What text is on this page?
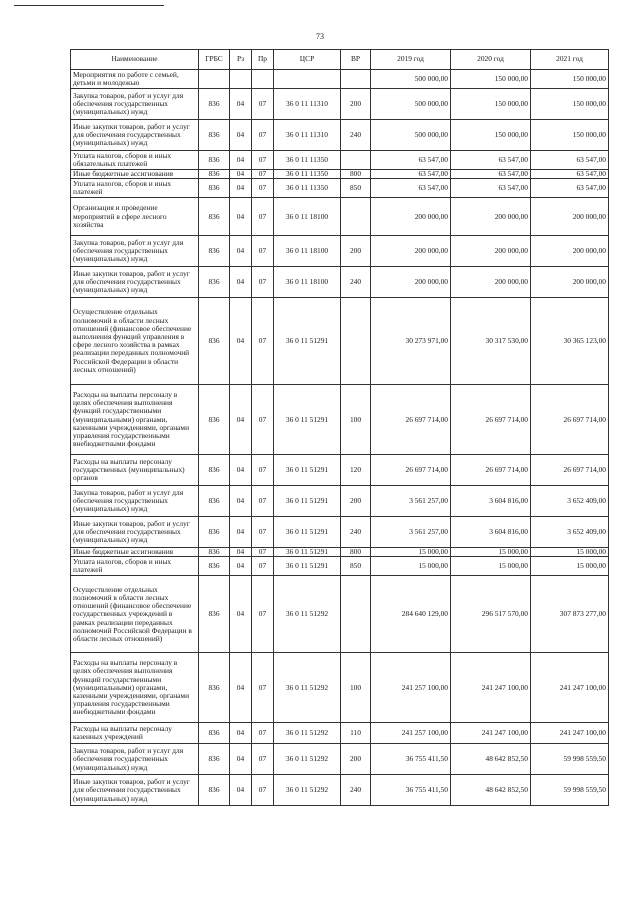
73
Наименование	ГРБС	Рз	Пр	ЦСР	ВР	2019 год	2020 год	2021 год
Мероприятия по работе с семьей, детьми и молодежью						500 000,00	150 000,00	150 000,00
Закупка товаров, работ и услуг для обеспечения государственных (муниципальных) нужд	836	04	07	36 0 11 11310	200	500 000,00	150 000,00	150 000,00
Иные закупки товаров, работ и услуг для обеспечения государственных (муниципальных) нужд	836	04	07	36 0 11 11310	240	500 000,00	150 000,00	150 000,00
Уплата налогов, сборов и иных обязательных платежей	836	04	07	36 0 11 11350		63 547,00	63 547,00	63 547,00
Иные бюджетные ассигнования	836	04	07	36 0 11 11350	800	63 547,00	63 547,00	63 547,00
Уплата налогов, сборов и иных платежей	836	04	07	36 0 11 11350	850	63 547,00	63 547,00	63 547,00
Организация и проведение мероприятий в сфере лесного хозяйства	836	04	07	36 0 11 18100		200 000,00	200 000,00	200 000,00
Закупка товаров, работ и услуг для обеспечения государственных (муниципальных) нужд	836	04	07	36 0 11 18100	200	200 000,00	200 000,00	200 000,00
Иные закупки товаров, работ и услуг для обеспечения государственных (муниципальных) нужд	836	04	07	36 0 11 18100	240	200 000,00	200 000,00	200 000,00
Осуществление отдельных полномочий в области лесных отношений (финансовое обеспечение выполнения функций управления в сфере лесного хозяйства в рамках реализации переданных полномочий Российской Федерации в области лесных отношений)	836	04	07	36 0 11 51291		30 273 971,00	30 317 530,00	30 365 123,00
Расходы на выплаты персоналу в целях обеспечения выполнения функций государственными (муниципальными) органами, казенными учреждениями, органами управления государственными внебюджетными фондами	836	04	07	36 0 11 51291	100	26 697 714,00	26 697 714,00	26 697 714,00
Расходы на выплаты персоналу государственных (муниципальных) органов	836	04	07	36 0 11 51291	120	26 697 714,00	26 697 714,00	26 697 714,00
Закупка товаров, работ и услуг для обеспечения государственных (муниципальных) нужд	836	04	07	36 0 11 51291	200	3 561 257,00	3 604 816,00	3 652 409,00
Иные закупки товаров, работ и услуг для обеспечения государственных (муниципальных) нужд	836	04	07	36 0 11 51291	240	3 561 257,00	3 604 816,00	3 652 409,00
Иные бюджетные ассигнования	836	04	07	36 0 11 51291	800	15 000,00	15 000,00	15 000,00
Уплата налогов, сборов и иных платежей	836	04	07	36 0 11 51291	850	15 000,00	15 000,00	15 000,00
Осуществление отдельных полномочий в области лесных отношений (финансовое обеспечение государственных учреждений в рамках реализации переданных полномочий Российской Федерации в области лесных отношений)	836	04	07	36 0 11 51292		284 640 129,00	296 517 570,00	307 873 277,00
Расходы на выплаты персоналу в целях обеспечения выполнения функций государственными (муниципальными) органами, казенными учреждениями, органами управления государственными внебюджетными фондами	836	04	07	36 0 11 51292	100	241 257 100,00	241 247 100,00	241 247 100,00
Расходы на выплаты персоналу казенных учреждений	836	04	07	36 0 11 51292	110	241 257 100,00	241 247 100,00	241 247 100,00
Закупка товаров, работ и услуг для обеспечения государственных (муниципальных) нужд	836	04	07	36 0 11 51292	200	36 755 411,50	48 642 852,50	59 998 559,50
Иные закупки товаров, работ и услуг для обеспечения государственных (муниципальных) нужд	836	04	07	36 0 11 51292	240	36 755 411,50	48 642 852,50	59 998 559,50
